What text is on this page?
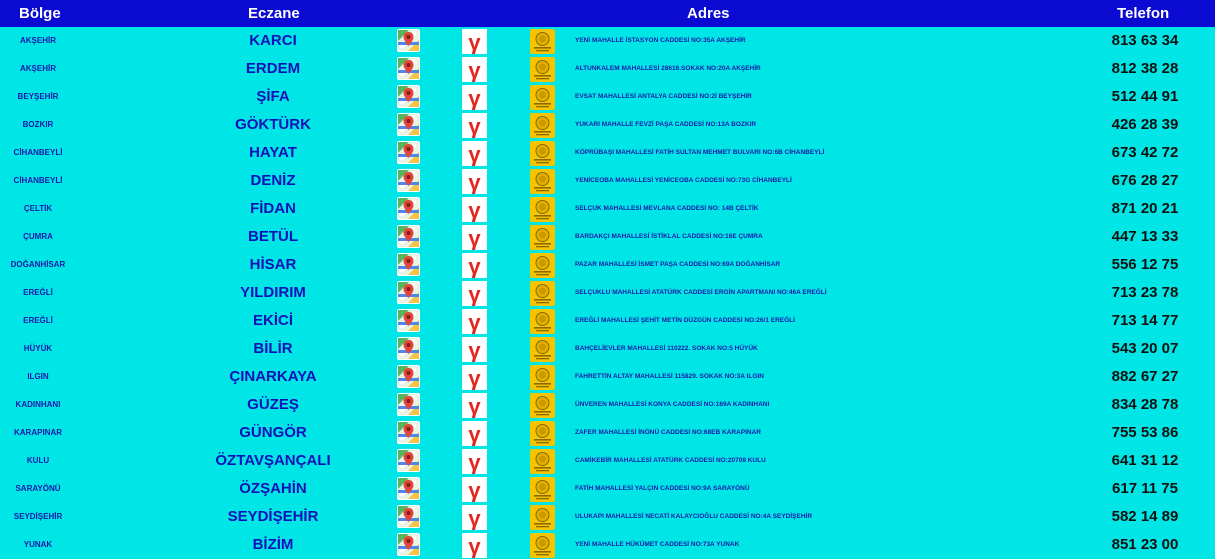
Bölge	Eczane	Adres	Telefon
AKŞEHİR	KARCI	γ	YENİ MAHALLE İSTASYON CADDESİ NO:35A AKŞEHİR	813 63 34
AKŞEHİR	ERDEM	γ	ALTUNKALEM MAHALLESİ 28616.SOKAK NO:20A AKŞEHİR	812 38 28
BEYŞEHİR	ŞİFA	γ	EVSAT MAHALLESİ ANTALYA CADDESİ NO:2İ BEYŞEHİR	512 44 91
BOZKIR	GÖKTÜRK	γ	YUKARI MAHALLE FEVZİ PAŞA CADDESİ NO:13A BOZKIR	426 28 39
CİHANBEYLİ	HAYAT	γ	KÖPRÜBAŞI MAHALLESİ FATİH SULTAN MEHMET BULVARI NO:6B CİHANBEYLİ	673 42 72
CİHANBEYLİ	DENİZ	γ	YENİCEOBA MAHALLESİ YENİCEOBA CADDESİ NO:73G CİHANBEYLİ	676 28 27
ÇELTİK	FİDAN	γ	SELÇUK MAHALLESİ MEVLANA CADDESİ NO: 14B ÇELTİK	871 20 21
ÇUMRA	BETÜL	γ	BARDAKÇI MAHALLESİ İSTİKLAL CADDESİ NO:16E ÇUMRA	447 13 33
DOĞANHİSAR	HİSAR	γ	PAZAR MAHALLESİ İSMET PAŞA CADDESİ NO:69A DOĞANHİSAR	556 12 75
EREĞLİ	YILDIRIM	γ	SELÇUKLU MAHALLESİ ATATÜRK CADDESİ ERGİN APARTMANI NO:46A EREĞLİ	713 23 78
EREĞLİ	EKİCİ	γ	EREĞLİ MAHALLESİ ŞEHİT METİN DÜZGÜN CADDESİ NO:26/1 EREĞLİ	713 14 77
HÜYÜK	BİLİR	γ	BAHÇELİEVLER MAHALLESİ 110222. SOKAK NO:5 HÜYÜK	543 20 07
ILGIN	ÇINARKAYA	γ	FAHRETTİN ALTAY MAHALLESİ 115829. SOKAK NO:3A ILGIN	882 67 27
KADINHANI	GÜZEŞ	γ	ÜNVEREN MAHALLESİ KONYA CADDESİ NO:169A KADINHANI	834 28 78
KARAPINAR	GÜNGÖR	γ	ZAFER MAHALLESİ İNÖNÜ CADDESİ NO:68EB KARAPINAR	755 53 86
KULU	ÖZTAVŞANÇALI	γ	CAMİKEBİR MAHALLESİ ATATÜRK CADDESİ NO:20708 KULU	641 31 12
SARAYÖNÜ	ÖZŞAHİN	γ	FATİH MAHALLESİ YALÇIN CADDESİ NO:9A SARAYÖNÜ	617 11 75
SEYDİŞEHİR	SEYDİŞEHİR	γ	ULUKAPI MAHALLESİ NECATİ KALAYCIOĞLU CADDESİ NO:4A SEYDİŞEHİR	582 14 89
YUNAK	BİZİM	γ	YENİ MAHALLE HÜKÜMET CADDESİ NO:73A YUNAK	851 23 00
